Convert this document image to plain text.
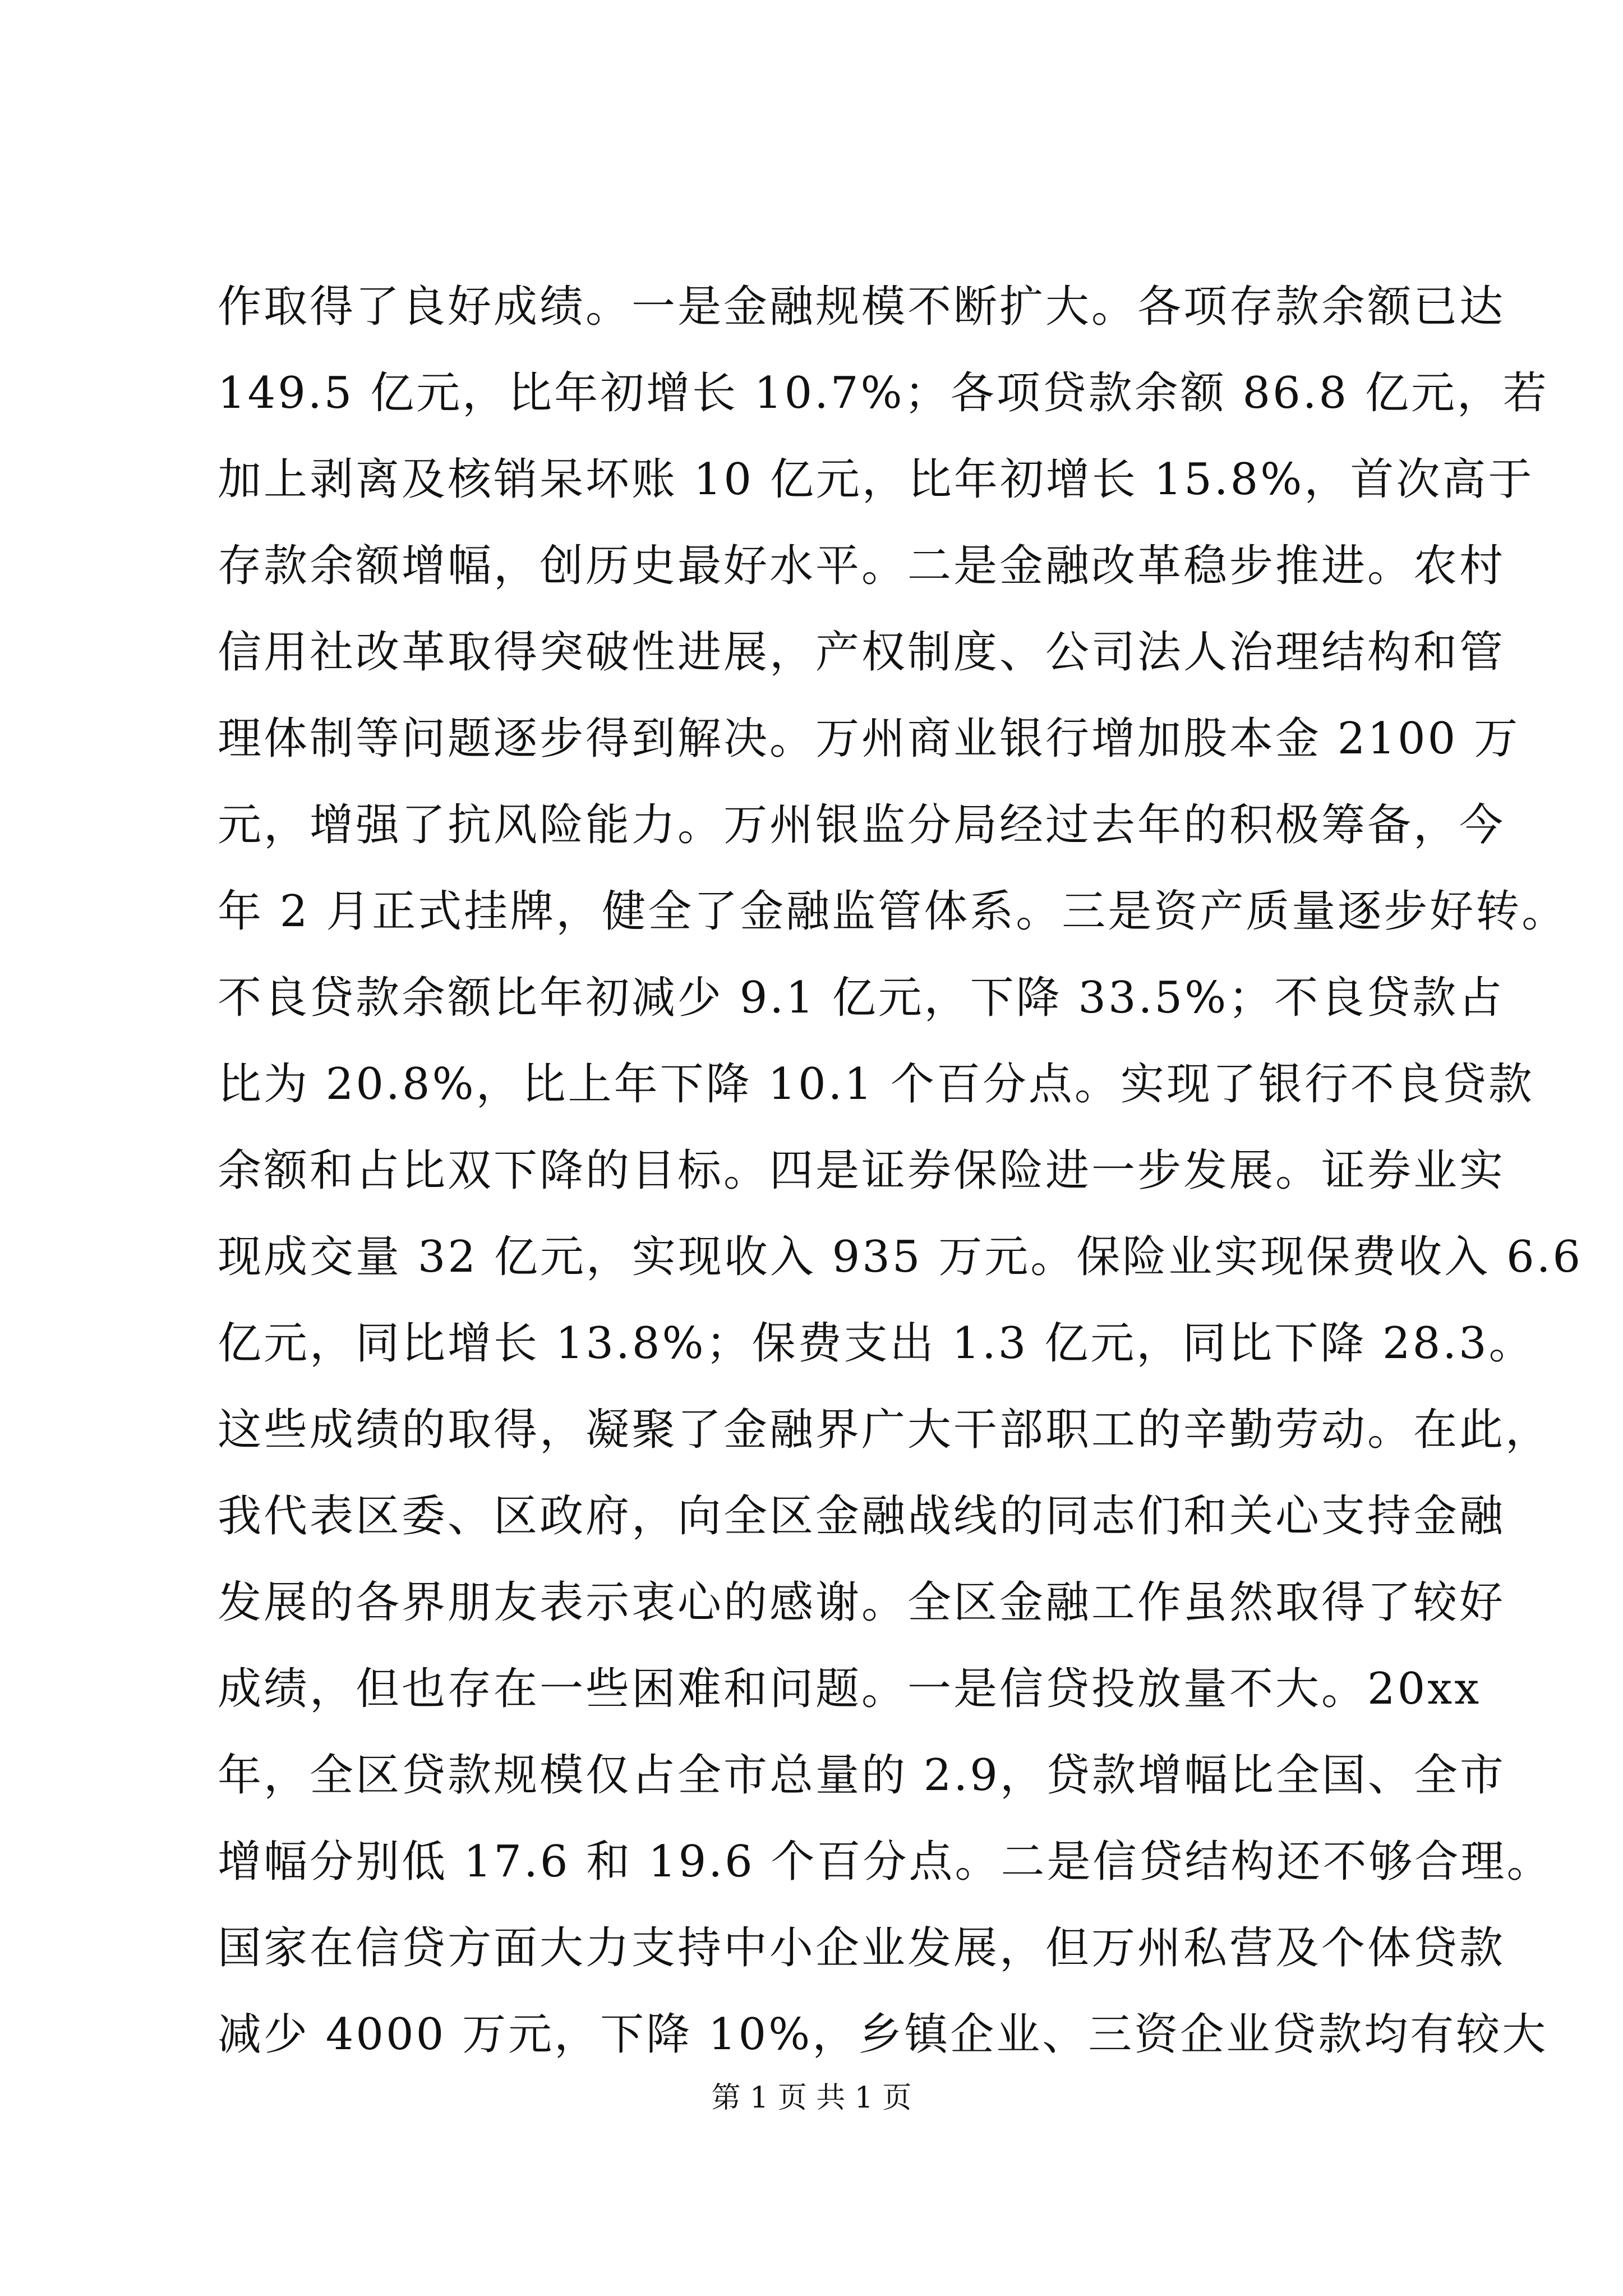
作取得了良好成绩。一是金融规模不断扩大。各项存款余额已达
149.5 亿元，比年初增长 10.7%；各项贷款余额 86.8 亿元，若
加上剥离及核销呆坏账 10 亿元，比年初增长 15.8%，首次高于
存款余额增幅，创历史最好水平。二是金融改革稳步推进。农村
信用社改革取得突破性进展，产权制度、公司法人治理结构和管
理体制等问题逐步得到解决。万州商业银行增加股本金 2100 万
元，增强了抗风险能力。万州银监分局经过去年的积极筹备，今
年 2 月正式挂牌，健全了金融监管体系。三是资产质量逐步好转。
不良贷款余额比年初减少 9.1 亿元，下降 33.5%；不良贷款占
比为 20.8%，比上年下降 10.1 个百分点。实现了银行不良贷款
余额和占比双下降的目标。四是证券保险进一步发展。证券业实
现成交量 32 亿元，实现收入 935 万元。保险业实现保费收入 6.6
亿元，同比增长 13.8%；保费支出 1.3 亿元，同比下降 28.3。
这些成绩的取得，凝聚了金融界广大干部职工的辛勤劳动。在此，
我代表区委、区政府，向全区金融战线的同志们和关心支持金融
发展的各界朋友表示衷心的感谢。全区金融工作虽然取得了较好
成绩，但也存在一些困难和问题。一是信贷投放量不大。20xx
年，全区贷款规模仅占全市总量的 2.9，贷款增幅比全国、全市
增幅分别低 17.6 和 19.6 个百分点。二是信贷结构还不够合理。
国家在信贷方面大力支持中小企业发展，但万州私营及个体贷款
减少 4000 万元，下降 10%，乡镇企业、三资企业贷款均有较大
第 1 页 共 1 页
